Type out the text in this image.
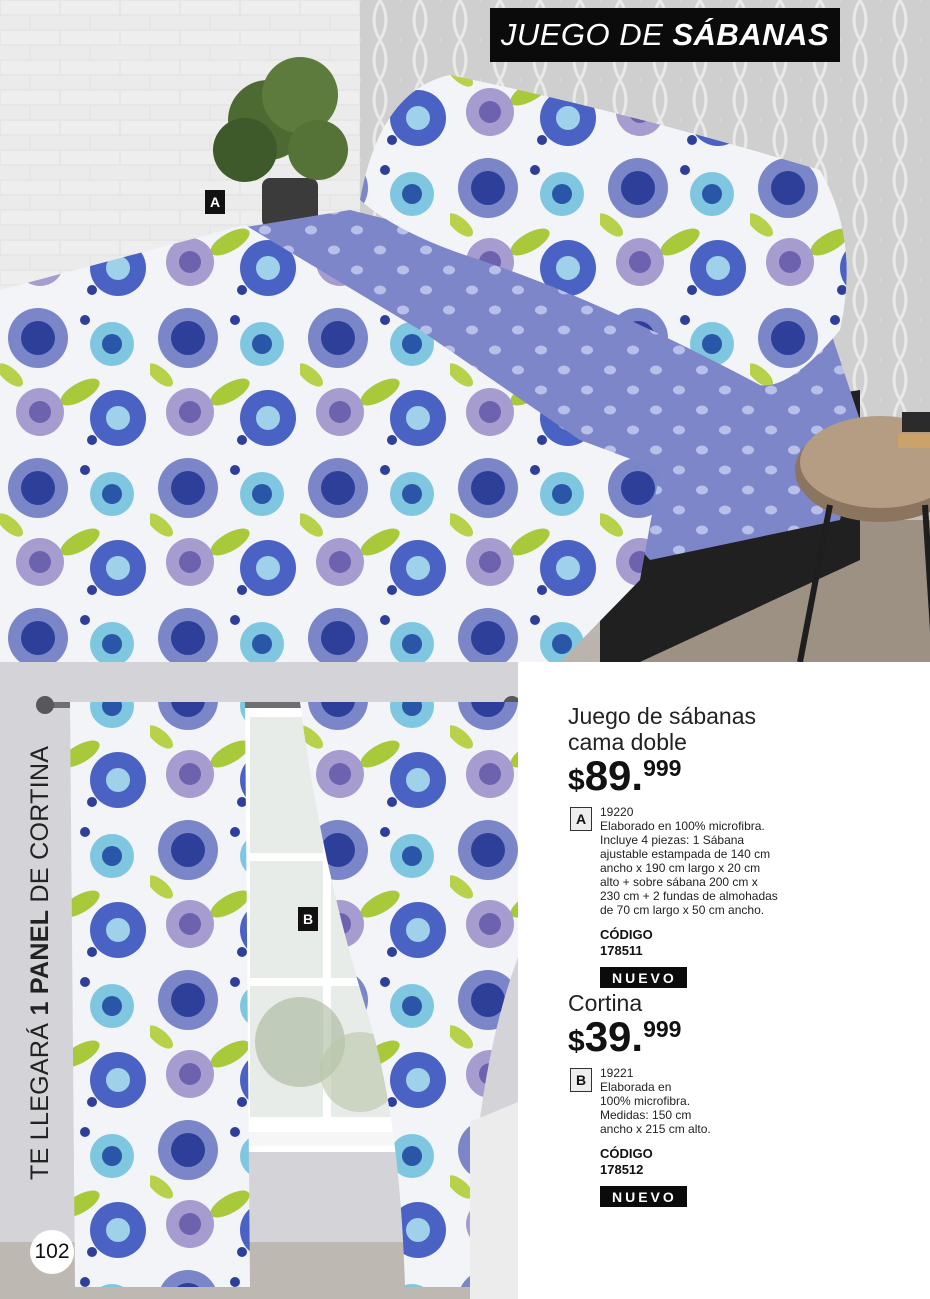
JUEGO DE SÁBANAS
A
B
TE LLEGARÁ 1 PANEL DE CORTINA
102
Juego de sábanas
cama doble
$89.999
A	19220
Elaborado en 100% microfibra.
Incluye 4 piezas: 1 Sábana
ajustable estampada de 140 cm
ancho x 190 cm largo x 20 cm
alto + sobre sábana 200 cm x
230 cm + 2 fundas de almohadas
de 70 cm largo x 50 cm ancho.
CÓDIGO
178511
NUEVO
Cortina
$39.999
B	19221
Elaborada en
100% microfibra.
Medidas: 150 cm
ancho x 215 cm alto.
CÓDIGO
178512
NUEVO
